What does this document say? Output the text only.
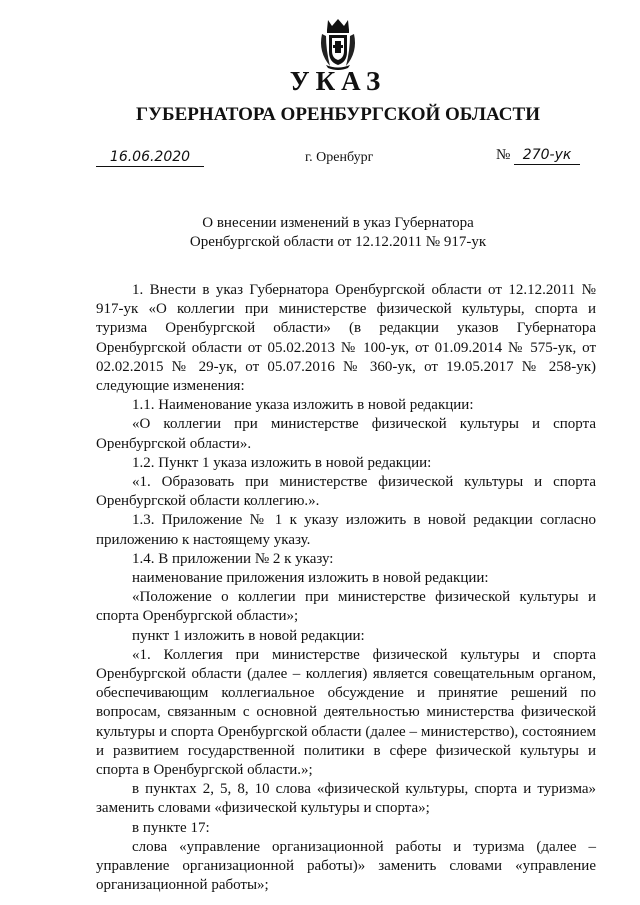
УКАЗ
ГУБЕРНАТОРА ОРЕНБУРГСКОЙ ОБЛАСТИ
16.06.2020	г. Оренбург	№ 270-ук
О внесении изменений в указ Губернатора
Оренбургской области от 12.12.2011 № 917-ук

1. Внести в указ Губернатора Оренбургской области от 12.12.2011 № 917-ук «О коллегии при министерстве физической культуры, спорта и туризма Оренбургской области» (в редакции указов Губернатора Оренбургской области от 05.02.2013 № 100-ук, от 01.09.2014 № 575-ук, от 02.02.2015 № 29-ук, от 05.07.2016 № 360-ук, от 19.05.2017 № 258-ук) следующие изменения:

1.1. Наименование указа изложить в новой редакции:

«О коллегии при министерстве физической культуры и спорта Оренбургской области».

1.2. Пункт 1 указа изложить в новой редакции:

«1. Образовать при министерстве физической культуры и спорта Оренбургской области коллегию.».

1.3. Приложение № 1 к указу изложить в новой редакции согласно приложению к настоящему указу.

1.4. В приложении № 2 к указу:

наименование приложения изложить в новой редакции:

«Положение о коллегии при министерстве физической культуры и спорта Оренбургской области»;

пункт 1 изложить в новой редакции:

«1. Коллегия при министерстве физической культуры и спорта Оренбургской области (далее – коллегия) является совещательным органом, обеспечивающим коллегиальное обсуждение и принятие решений по вопросам, связанным с основной деятельностью министерства физической культуры и спорта Оренбургской области (далее – министерство), состоянием и развитием государственной политики в сфере физической культуры и спорта в Оренбургской области.»;

в пунктах 2, 5, 8, 10 слова «физической культуры, спорта и туризма» заменить словами «физической культуры и спорта»;

в пункте 17:

слова «управление организационной работы и туризма (далее – управление организационной работы)» заменить словами «управление организационной работы»;
